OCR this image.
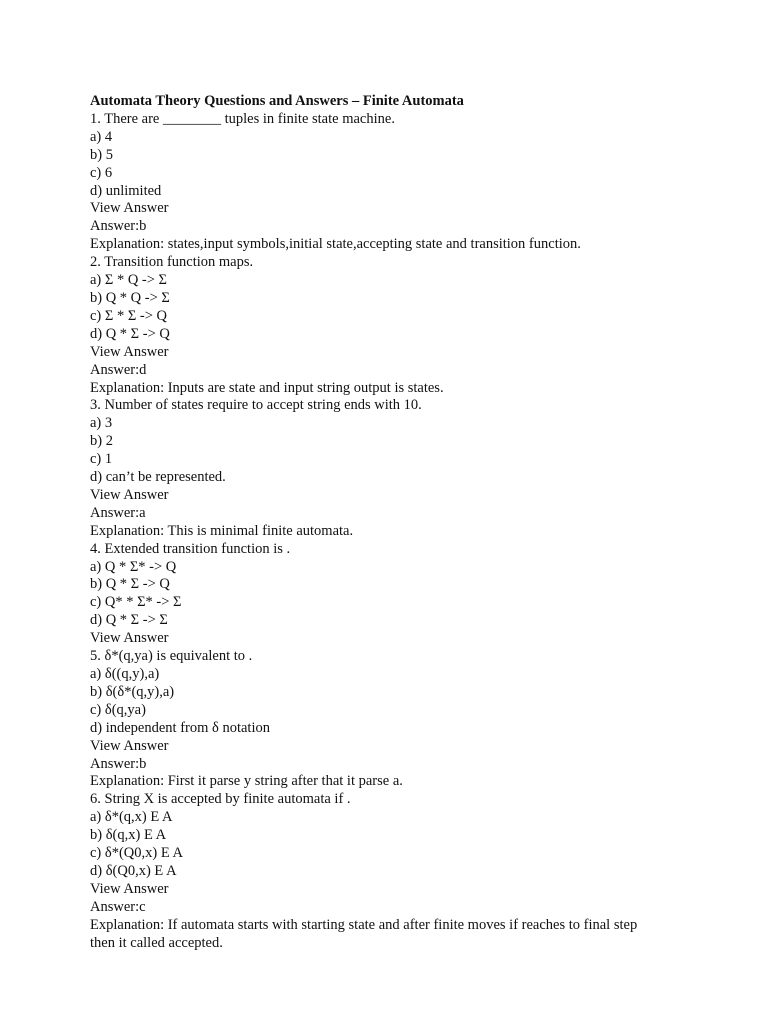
Automata Theory Questions and Answers – Finite Automata
1. There are ________ tuples in finite state machine.
a) 4
b) 5
c) 6
d) unlimited
View Answer
Answer:b
Explanation: states,input symbols,initial state,accepting state and transition function.
2. Transition function maps.
a) Σ * Q -> Σ
b) Q * Q -> Σ
c) Σ * Σ -> Q
d) Q * Σ -> Q
View Answer
Answer:d
Explanation: Inputs are state and input string output is states.
3. Number of states require to accept string ends with 10.
a) 3
b) 2
c) 1
d) can’t be represented.
View Answer
Answer:a
Explanation: This is minimal finite automata.
4. Extended transition function is .
a) Q * Σ* -> Q
b) Q * Σ -> Q
c) Q* * Σ* -> Σ
d) Q * Σ -> Σ
View Answer
5. δ*(q,ya) is equivalent to .
a) δ((q,y),a)
b) δ(δ*(q,y),a)
c) δ(q,ya)
d) independent from δ notation
View Answer
Answer:b
Explanation: First it parse y string after that it parse a.
6. String X is accepted by finite automata if .
a) δ*(q,x) E A
b) δ(q,x) E A
c) δ*(Q0,x) E A
d) δ(Q0,x) E A
View Answer
Answer:c
Explanation: If automata starts with starting state and after finite moves if reaches to final step
then it called accepted.
